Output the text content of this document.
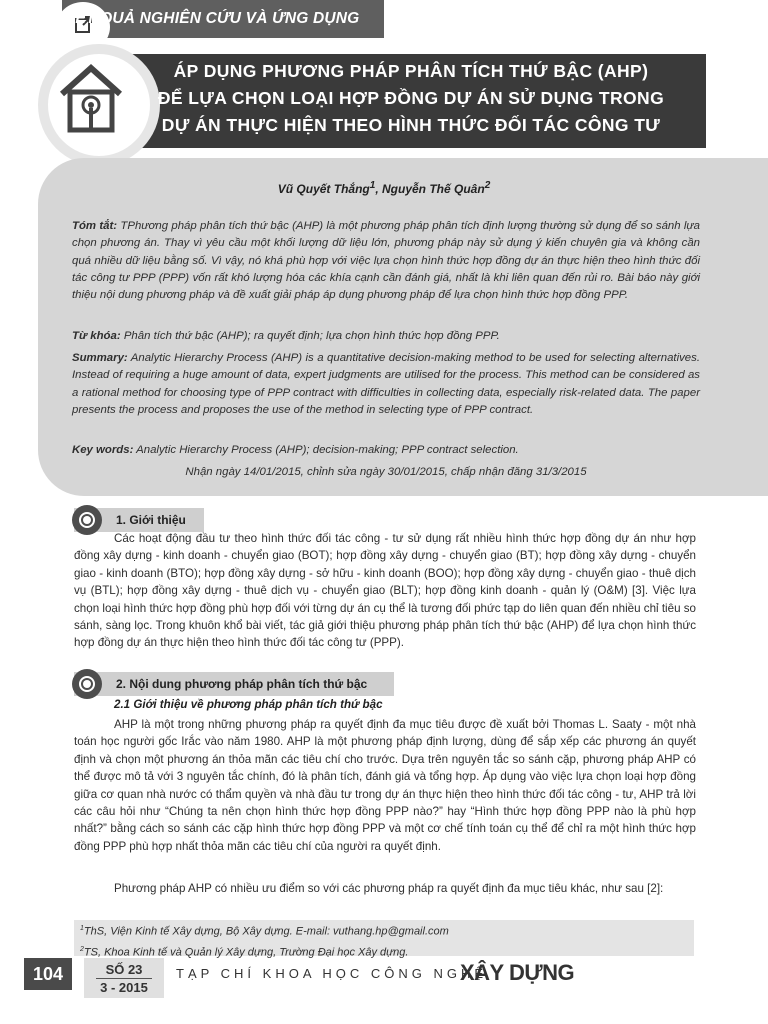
KẾT QUẢ NGHIÊN CỨU VÀ ỨNG DỤNG
ÁP DỤNG PHƯƠNG PHÁP PHÂN TÍCH THỨ BẬC (AHP)
ĐỂ LỰA CHỌN LOẠI HỢP ĐỒNG DỰ ÁN SỬ DỤNG TRONG
DỰ ÁN THỰC HIỆN THEO HÌNH THỨC ĐỐI TÁC CÔNG TƯ
Vũ Quyết Thắng$^1$, Nguyễn Thế Quân$^2$
Tóm tắt: TPhương pháp phân tích thứ bậc (AHP) là một phương pháp phân tích định lượng thường sử dụng để so sánh lựa chọn phương án. Thay vì yêu cầu một khối lượng dữ liệu lớn, phương pháp này sử dụng ý kiến chuyên gia và không cần quá nhiều dữ liệu bằng số. Vì vậy, nó khá phù hợp với việc lựa chọn hình thức hợp đồng dự án thực hiện theo hình thức đối tác công tư PPP (PPP) vốn rất khó lượng hóa các khía cạnh cần đánh giá, nhất là khi liên quan đến rủi ro. Bài báo này giới thiệu nội dung phương pháp và đề xuất giải pháp áp dụng phương pháp để lựa chọn hình thức hợp đồng PPP.
Từ khóa: Phân tích thứ bậc (AHP); ra quyết định; lựa chọn hình thức hợp đồng PPP.
Summary: Analytic Hierarchy Process (AHP) is a quantitative decision-making method to be used for selecting alternatives. Instead of requiring a huge amount of data, expert judgments are utilised for the process. This method can be considered as a rational method for choosing type of PPP contract with difficulties in collecting data, especially risk-related data. The paper presents the process and proposes the use of the method in selecting type of PPP contract.
Key words: Analytic Hierarchy Process (AHP); decision-making; PPP contract selection.
Nhận ngày 14/01/2015, chỉnh sửa ngày 30/01/2015, chấp nhận đăng 31/3/2015
1. Giới thiệu
Các hoạt động đầu tư theo hình thức đối tác công - tư sử dụng rất nhiều hình thức hợp đồng dự án như hợp đồng xây dựng - kinh doanh - chuyển giao (BOT); hợp đồng xây dựng - chuyển giao (BT); hợp đồng xây dựng - chuyển giao - kinh doanh (BTO); hợp đồng xây dựng - sở hữu - kinh doanh (BOO); hợp đồng xây dựng - chuyển giao - thuê dịch vụ (BTL); hợp đồng xây dựng - thuê dịch vụ - chuyển giao (BLT); hợp đồng kinh doanh - quản lý (O&M) [3]. Việc lựa chọn loại hình thức hợp đồng phù hợp đối với từng dự án cụ thể là tương đối phức tạp do liên quan đến nhiều chỉ tiêu so sánh, sàng lọc. Trong khuôn khổ bài viết, tác giả giới thiệu phương pháp phân tích thứ bậc (AHP) để lựa chọn hình thức hợp đồng dự án thực hiện theo hình thức đối tác công tư (PPP).
2. Nội dung phương pháp phân tích thứ bậc
2.1 Giới thiệu về phương pháp phân tích thứ bậc
AHP là một trong những phương pháp ra quyết định đa mục tiêu được đề xuất bởi Thomas L. Saaty - một nhà toán học người gốc Irắc vào năm 1980. AHP là một phương pháp định lượng, dùng để sắp xếp các phương án quyết định và chọn một phương án thỏa mãn các tiêu chí cho trước. Dựa trên nguyên tắc so sánh cặp, phương pháp AHP có thể được mô tả với 3 nguyên tắc chính, đó là phân tích, đánh giá và tổng hợp. Áp dụng vào việc lựa chọn loại hợp đồng giữa cơ quan nhà nước có thẩm quyền và nhà đầu tư trong dự án thực hiện theo hình thức đối tác công - tư, AHP trả lời các câu hỏi như “Chúng ta nên chọn hình thức hợp đồng PPP nào?” hay “Hình thức hợp đồng PPP nào là phù hợp nhất?” bằng cách so sánh các cặp hình thức hợp đồng PPP và một cơ chế tính toán cụ thể để chỉ ra một hình thức hợp đồng PPP phù hợp nhất thỏa mãn các tiêu chí của người ra quyết định.
Phương pháp AHP có nhiều ưu điểm so với các phương pháp ra quyết định đa mục tiêu khác, như sau [2]:
$^1$ThS, Viện Kinh tế Xây dựng, Bộ Xây dựng. E-mail: vuthang.hp@gmail.com
$^2$TS, Khoa Kinh tế và Quản lý Xây dựng, Trường Đại học Xây dựng.
104	SỐ 23
3 - 2015
TẠP CHÍ KHOA HỌC CÔNG NGHỆ
XÂY DỰNG
